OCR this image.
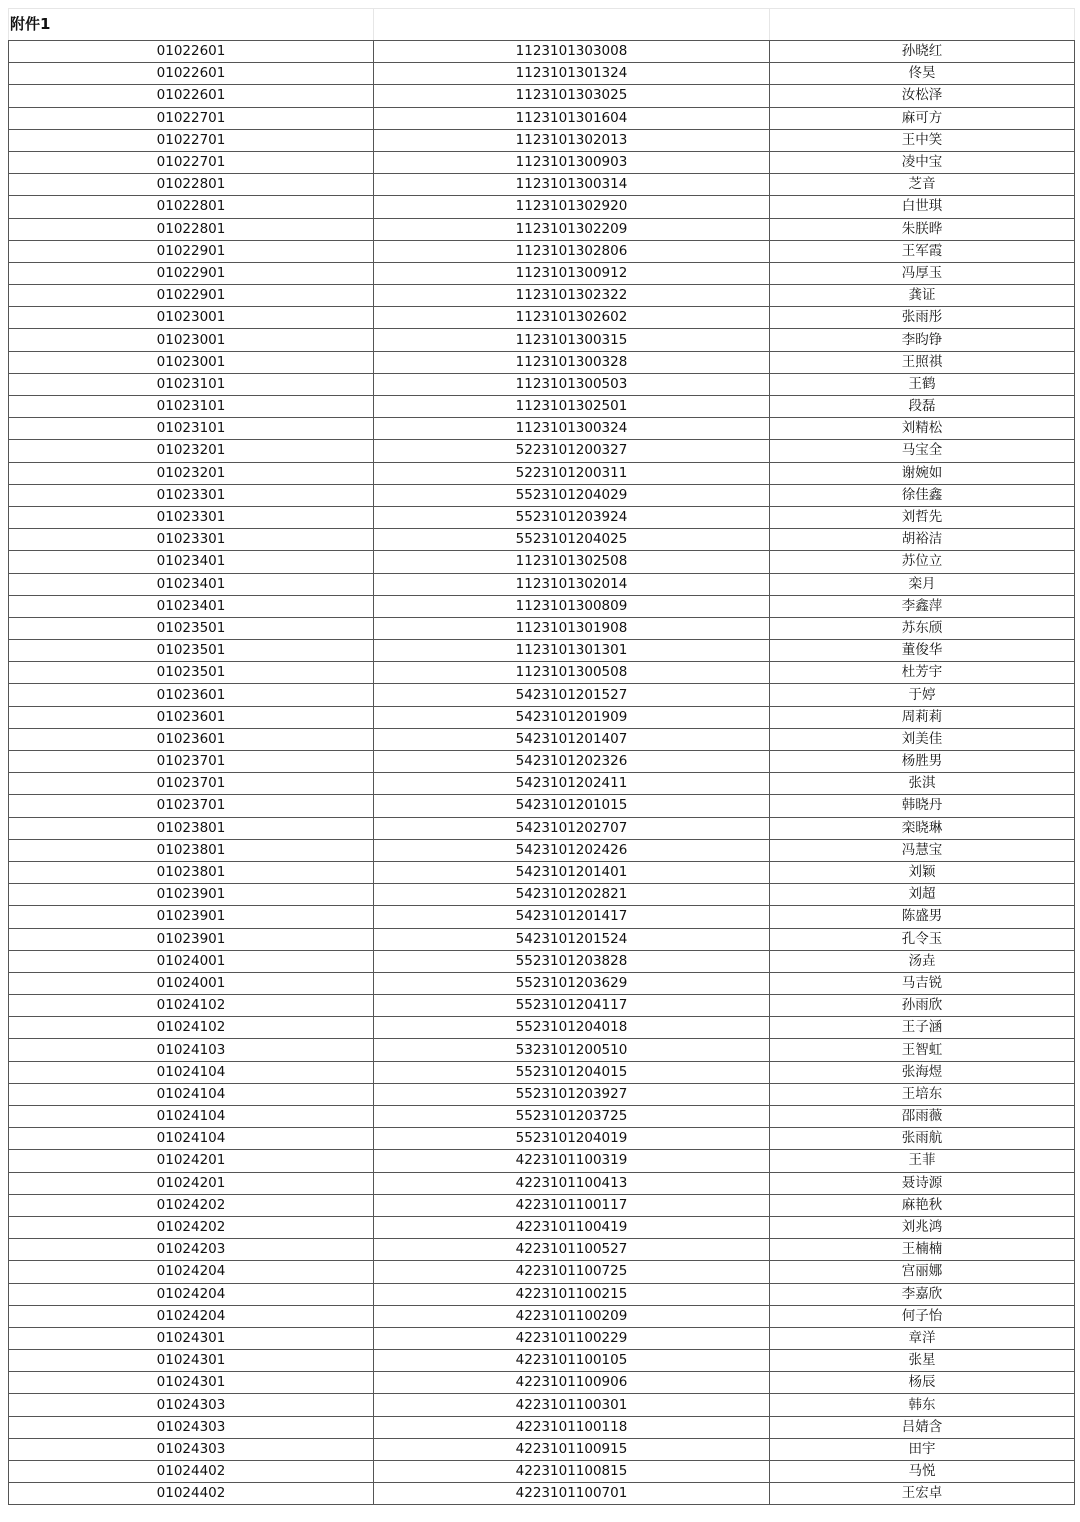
附件1		
01022601	1123101303008	孙晓红
01022601	1123101301324	佟昊
01022601	1123101303025	汝松泽
01022701	1123101301604	麻可方
01022701	1123101302013	王中笑
01022701	1123101300903	凌中宝
01022801	1123101300314	芝音
01022801	1123101302920	白世琪
01022801	1123101302209	朱朕晔
01022901	1123101302806	王军霞
01022901	1123101300912	冯厚玉
01022901	1123101302322	龚证
01023001	1123101302602	张雨彤
01023001	1123101300315	李昀铮
01023001	1123101300328	王照祺
01023101	1123101300503	王鹤
01023101	1123101302501	段磊
01023101	1123101300324	刘精松
01023201	5223101200327	马宝全
01023201	5223101200311	谢婉如
01023301	5523101204029	徐佳鑫
01023301	5523101203924	刘哲先
01023301	5523101204025	胡裕洁
01023401	1123101302508	苏位立
01023401	1123101302014	栾月
01023401	1123101300809	李鑫萍
01023501	1123101301908	苏东颀
01023501	1123101301301	董俊华
01023501	1123101300508	杜芳宇
01023601	5423101201527	于婷
01023601	5423101201909	周莉莉
01023601	5423101201407	刘美佳
01023701	5423101202326	杨胜男
01023701	5423101202411	张淇
01023701	5423101201015	韩晓丹
01023801	5423101202707	栾晓琳
01023801	5423101202426	冯慧宝
01023801	5423101201401	刘颖
01023901	5423101202821	刘超
01023901	5423101201417	陈盛男
01023901	5423101201524	孔令玉
01024001	5523101203828	汤垚
01024001	5523101203629	马吉锐
01024102	5523101204117	孙雨欣
01024102	5523101204018	王子涵
01024103	5323101200510	王智虹
01024104	5523101204015	张海煜
01024104	5523101203927	王培东
01024104	5523101203725	邵雨薇
01024104	5523101204019	张雨航
01024201	4223101100319	王菲
01024201	4223101100413	聂诗源
01024202	4223101100117	麻艳秋
01024202	4223101100419	刘兆鸿
01024203	4223101100527	王楠楠
01024204	4223101100725	宫丽娜
01024204	4223101100215	李嘉欣
01024204	4223101100209	何子怡
01024301	4223101100229	章洋
01024301	4223101100105	张星
01024301	4223101100906	杨辰
01024303	4223101100301	韩东
01024303	4223101100118	吕婧含
01024303	4223101100915	田宇
01024402	4223101100815	马悦
01024402	4223101100701	王宏卓
